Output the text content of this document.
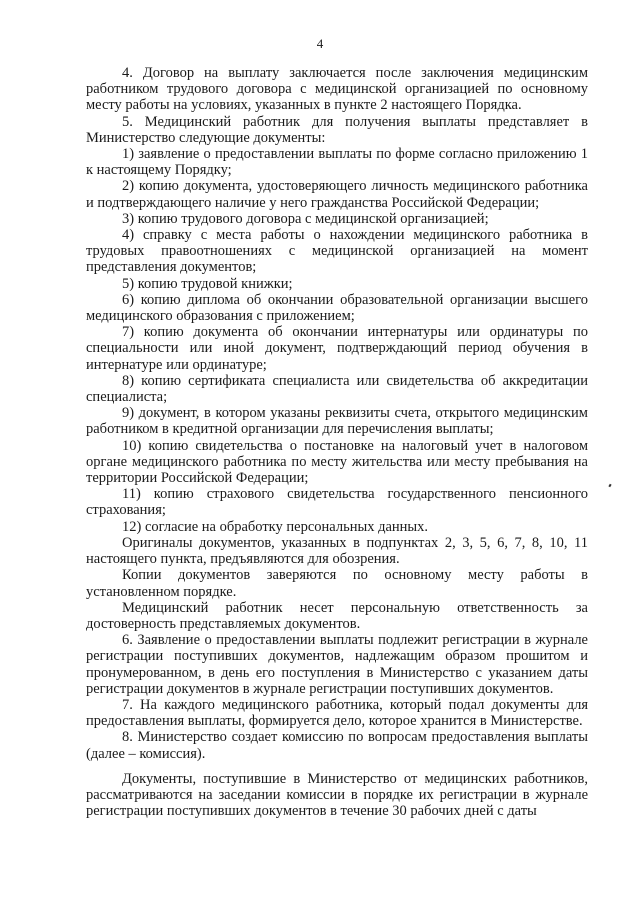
4

4. Договор на выплату заключается после заключения медицинским работником трудового договора с медицинской организацией по основному месту работы на условиях, указанных в пункте 2 настоящего Порядка.

5. Медицинский работник для получения выплаты представляет в Министерство следующие документы:

1) заявление о предоставлении выплаты по форме согласно приложению 1 к настоящему Порядку;

2) копию документа, удостоверяющего личность медицинского работника и подтверждающего наличие у него гражданства Российской Федерации;

3) копию трудового договора с медицинской организацией;

4) справку с места работы о нахождении медицинского работника в трудовых правоотношениях с медицинской организацией на момент представления документов;

5) копию трудовой книжки;

6) копию диплома об окончании образовательной организации высшего медицинского образования с приложением;

7) копию документа об окончании интернатуры или ординатуры по специальности или иной документ, подтверждающий период обучения в интернатуре или ординатуре;

8) копию сертификата специалиста или свидетельства об аккредитации специалиста;

9) документ, в котором указаны реквизиты счета, открытого медицинским работником в кредитной организации для перечисления выплаты;

10) копию свидетельства о постановке на налоговый учет в налоговом органе медицинского работника по месту жительства или месту пребывания на территории Российской Федерации;

11) копию страхового свидетельства государственного пенсионного страхования;

12) согласие на обработку персональных данных.

Оригиналы документов, указанных в подпунктах 2, 3, 5, 6, 7, 8, 10, 11 настоящего пункта, предъявляются для обозрения.

Копии документов заверяются по основному месту работы в установленном порядке.

Медицинский работник несет персональную ответственность за достоверность представляемых документов.

6. Заявление о предоставлении выплаты подлежит регистрации в журнале регистрации поступивших документов, надлежащим образом прошитом и пронумерованном, в день его поступления в Министерство с указанием даты регистрации документов в журнале регистрации поступивших документов.

7. На каждого медицинского работника, который подал документы для предоставления выплаты, формируется дело, которое хранится в Министерстве.

8. Министерство создает комиссию по вопросам предоставления выплаты (далее – комиссия).

Документы, поступившие в Министерство от медицинских работников, рассматриваются на заседании комиссии в порядке их регистрации в журнале регистрации поступивших документов в течение 30 рабочих дней с даты
